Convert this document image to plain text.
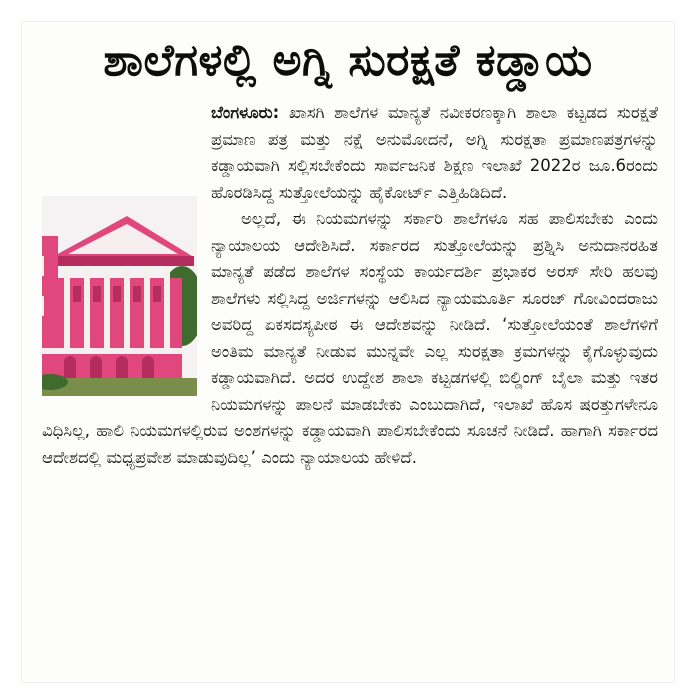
ಶಾಲೆಗಳಲ್ಲಿ ಅಗ್ನಿ ಸುರಕ್ಷತೆ ಕಡ್ಡಾಯ
ಬೆಂಗಳೂರು: ಖಾಸಗಿ ಶಾಲೆಗಳ ಮಾನ್ಯತೆ ನವೀಕರಣಕ್ಕಾಗಿ ಶಾಲಾ ಕಟ್ಟಡದ ಸುರಕ್ಷತೆ ಪ್ರಮಾಣ ಪತ್ರ ಮತ್ತು ನಕ್ಷೆ ಅನುಮೋದನೆ, ಅಗ್ನಿ ಸುರಕ್ಷತಾ ಪ್ರಮಾಣಪತ್ರಗಳನ್ನು ಕಡ್ಡಾಯವಾಗಿ ಸಲ್ಲಿಸಬೇಕೆಂದು ಸಾರ್ವಜನಿಕ ಶಿಕ್ಷಣ ಇಲಾಖೆ 2022ರ ಜೂ.6ರಂದು ಹೊರಡಿಸಿದ್ದ ಸುತ್ತೋಲೆಯನ್ನು ಹೈಕೋರ್ಟ್ ಎತ್ತಿಹಿಡಿದಿದೆ.
ಅಲ್ಲದೆ, ಈ ನಿಯಮಗಳನ್ನು ಸರ್ಕಾರಿ ಶಾಲೆಗಳೂ ಸಹ ಪಾಲಿಸಬೇಕು ಎಂದು ನ್ಯಾಯಾಲಯ ಆದೇಶಿಸಿದೆ. ಸರ್ಕಾರದ ಸುತ್ತೋಲೆಯನ್ನು ಪ್ರಶ್ನಿಸಿ ಅನುದಾನರಹಿತ ಮಾನ್ಯತೆ ಪಡೆದ ಶಾಲೆಗಳ ಸಂಸ್ಥೆಯ ಕಾರ್ಯದರ್ಶಿ ಪ್ರಭಾಕರ ಅರಸ್ ಸೇರಿ ಹಲವು ಶಾಲೆಗಳು ಸಲ್ಲಿಸಿದ್ದ ಅರ್ಜಿಗಳನ್ನು ಆಲಿಸಿದ ನ್ಯಾಯಮೂರ್ತಿ ಸೂರಜ್ ಗೋವಿಂದರಾಜು ಅವರಿದ್ದ ಏಕಸದಸ್ಯಪೀಠ ಈ ಆದೇಶವನ್ನು ನೀಡಿದೆ. ‘ಸುತ್ತೋಲೆಯಂತೆ ಶಾಲೆಗಳಿಗೆ ಅಂತಿಮ ಮಾನ್ಯತೆ ನೀಡುವ ಮುನ್ನವೇ ಎಲ್ಲ ಸುರಕ್ಷತಾ ಕ್ರಮಗಳನ್ನು ಕೈಗೊಳ್ಳುವುದು ಕಡ್ಡಾಯವಾಗಿದೆ. ಅದರ ಉದ್ದೇಶ ಶಾಲಾ ಕಟ್ಟಡಗಳಲ್ಲಿ ಬಿಲ್ಡಿಂಗ್ ಬೈಲಾ ಮತ್ತು ಇತರ ನಿಯಮಗಳನ್ನು ಪಾಲನೆ ಮಾಡಬೇಕು ಎಂಬುದಾಗಿದೆ, ಇಲಾಖೆ ಹೊಸ ಷರತ್ತುಗಳೇನೂ ವಿಧಿಸಿಲ್ಲ, ಹಾಲಿ ನಿಯಮಗಳಲ್ಲಿರುವ ಅಂಶಗಳನ್ನು ಕಡ್ಡಾಯವಾಗಿ ಪಾಲಿಸಬೇಕೆಂದು ಸೂಚನೆ ನೀಡಿದೆ. ಹಾಗಾಗಿ ಸರ್ಕಾರದ ಆದೇಶದಲ್ಲಿ ಮಧ್ಯಪ್ರವೇಶ ಮಾಡುವುದಿಲ್ಲ’ ಎಂದು ನ್ಯಾಯಾಲಯ ಹೇಳಿದೆ.
